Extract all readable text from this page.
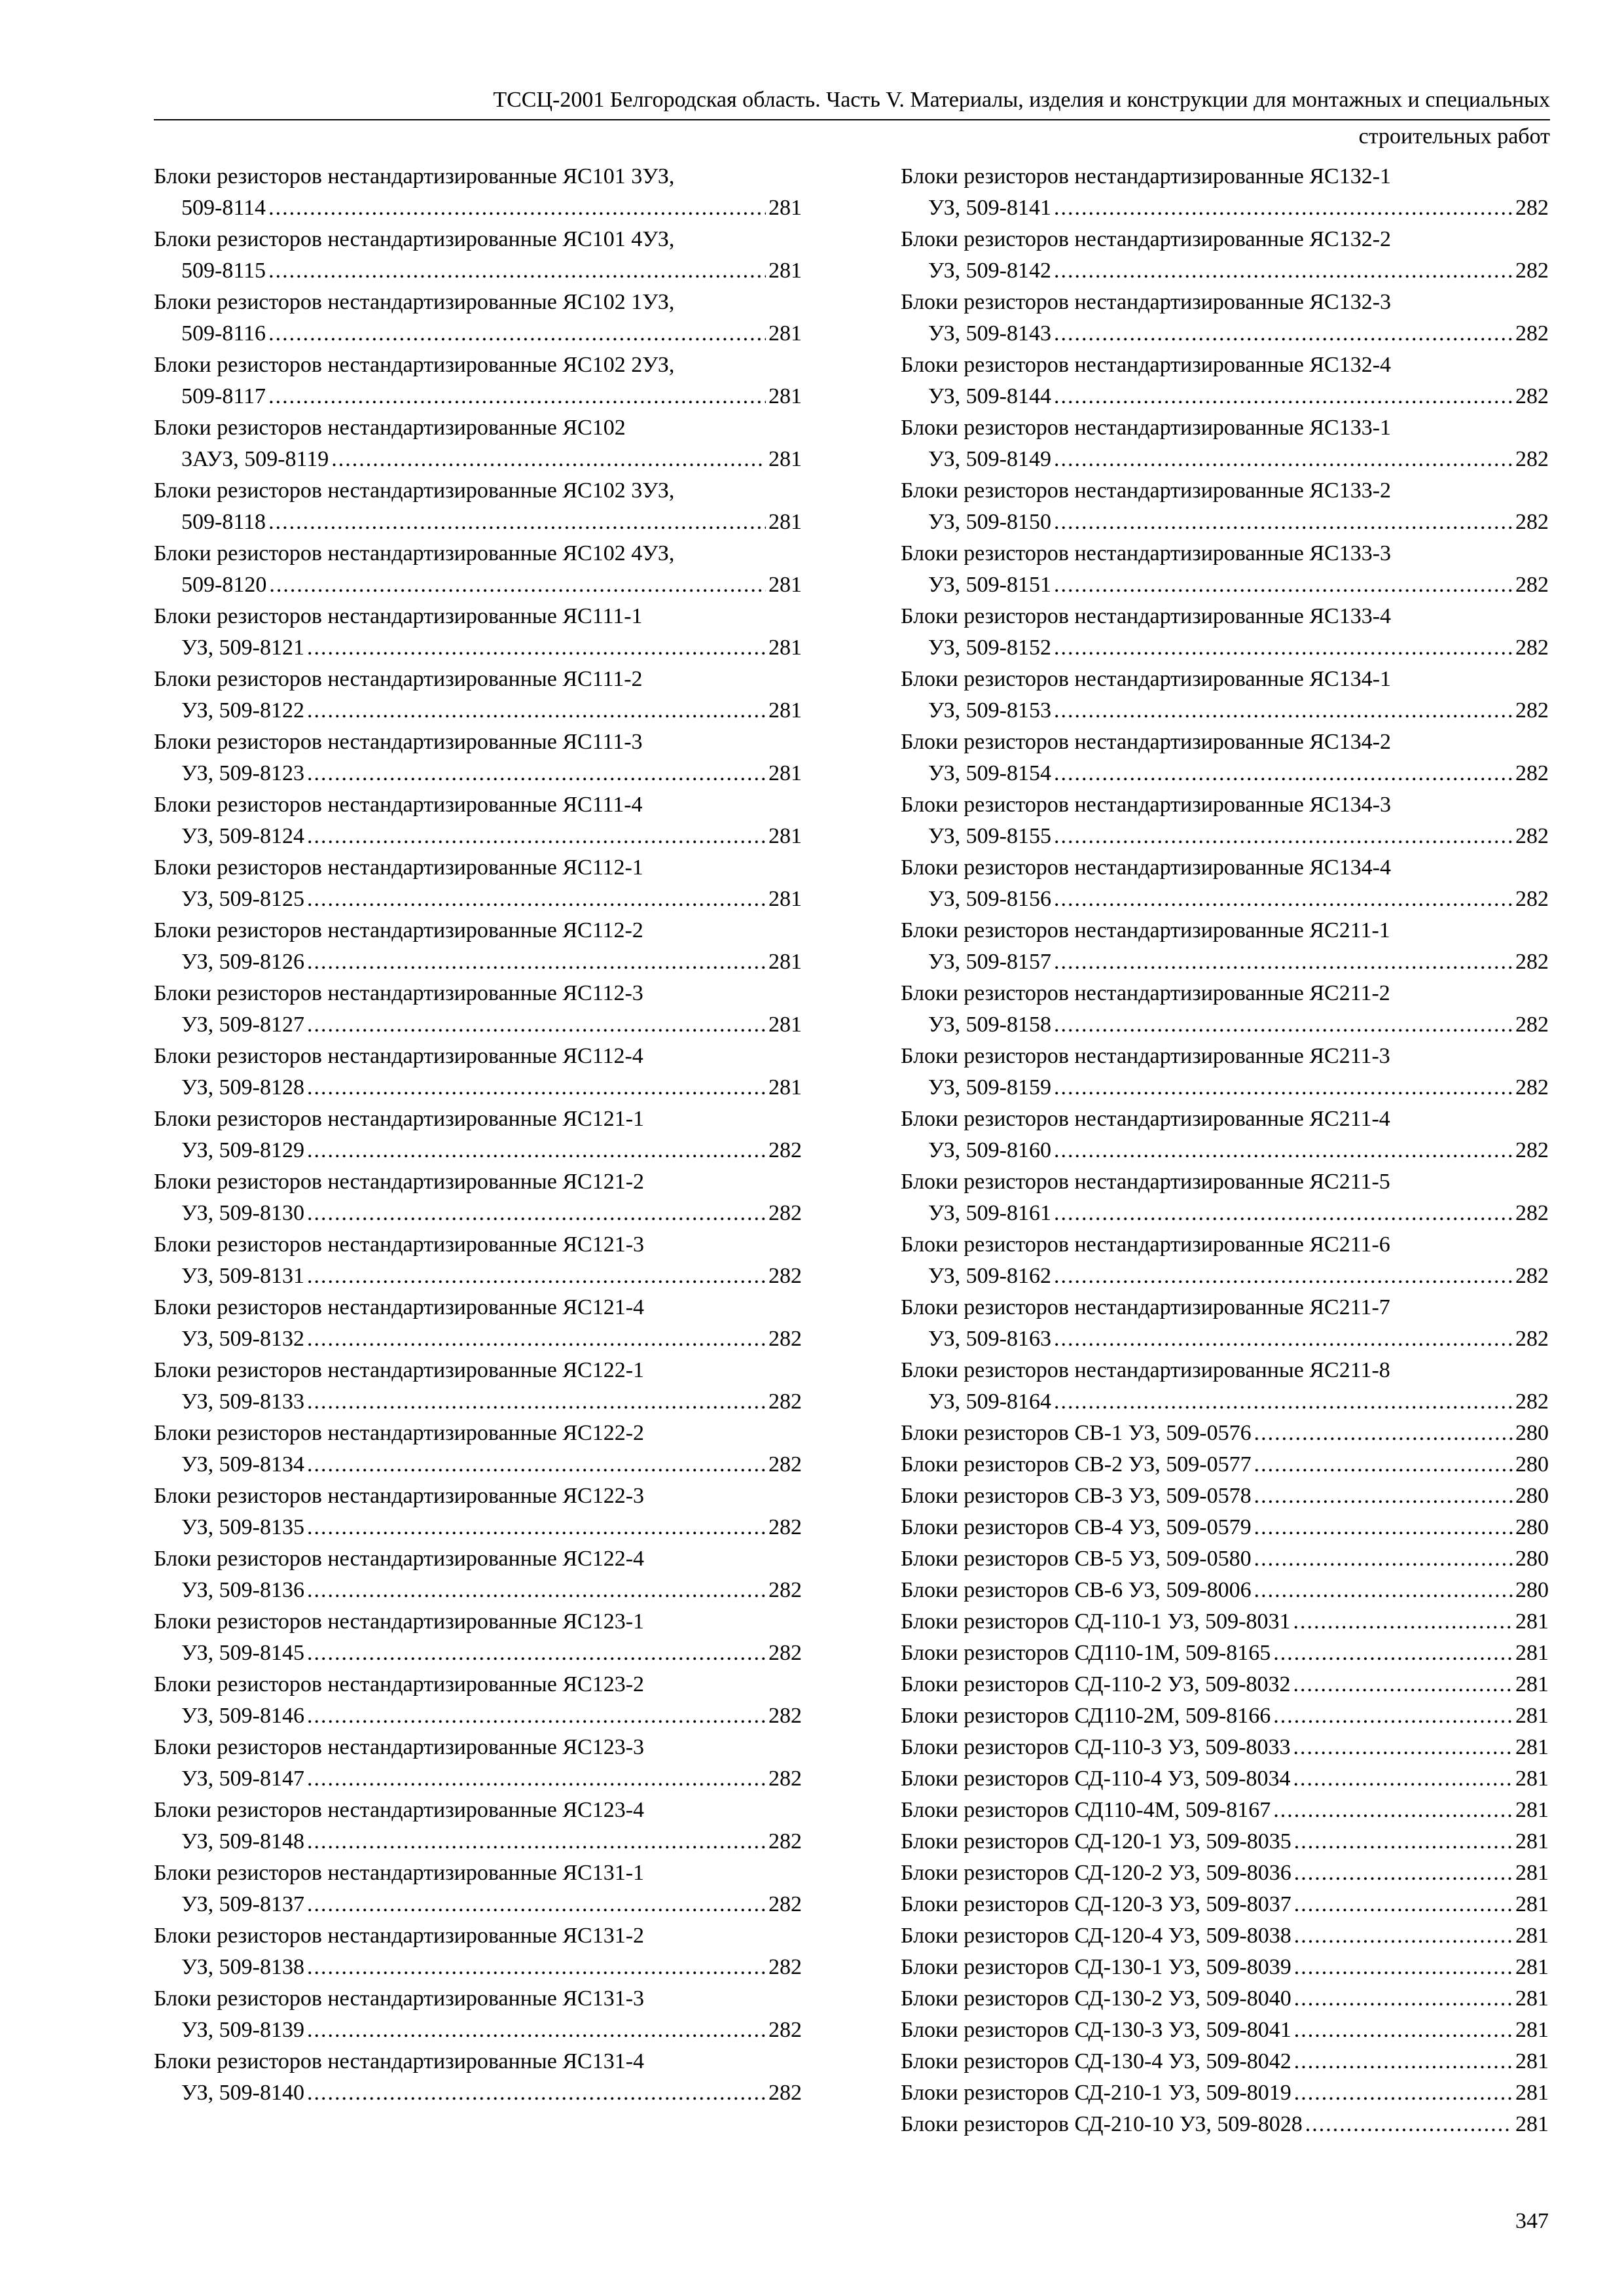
ТССЦ-2001 Белгородская область. Часть V. Материалы, изделия и конструкции для монтажных и специальных
строительных работ
Блоки резисторов нестандартизированные ЯС101 3УЗ,
509-8114 .....	281
Блоки резисторов нестандартизированные ЯС101 4УЗ,
509-8115 .....	281
Блоки резисторов нестандартизированные ЯС102 1УЗ,
509-8116 .....	281
Блоки резисторов нестандартизированные ЯС102 2УЗ,
509-8117 .....	281
Блоки резисторов нестандартизированные ЯС102
3АУЗ, 509-8119 .....	281
Блоки резисторов нестандартизированные ЯС102 3УЗ,
509-8118 .....	281
Блоки резисторов нестандартизированные ЯС102 4УЗ,
509-8120 .....	281
Блоки резисторов нестандартизированные ЯС111-1
УЗ, 509-8121 .....	281
Блоки резисторов нестандартизированные ЯС111-2
УЗ, 509-8122 .....	281
Блоки резисторов нестандартизированные ЯС111-3
УЗ, 509-8123 .....	281
Блоки резисторов нестандартизированные ЯС111-4
УЗ, 509-8124 .....	281
Блоки резисторов нестандартизированные ЯС112-1
УЗ, 509-8125 .....	281
Блоки резисторов нестандартизированные ЯС112-2
УЗ, 509-8126 .....	281
Блоки резисторов нестандартизированные ЯС112-3
УЗ, 509-8127 .....	281
Блоки резисторов нестандартизированные ЯС112-4
УЗ, 509-8128 .....	281
Блоки резисторов нестандартизированные ЯС121-1
УЗ, 509-8129 .....	282
Блоки резисторов нестандартизированные ЯС121-2
УЗ, 509-8130 .....	282
Блоки резисторов нестандартизированные ЯС121-3
УЗ, 509-8131 .....	282
Блоки резисторов нестандартизированные ЯС121-4
УЗ, 509-8132 .....	282
Блоки резисторов нестандартизированные ЯС122-1
УЗ, 509-8133 .....	282
Блоки резисторов нестандартизированные ЯС122-2
УЗ, 509-8134 .....	282
Блоки резисторов нестандартизированные ЯС122-3
УЗ, 509-8135 .....	282
Блоки резисторов нестандартизированные ЯС122-4
УЗ, 509-8136 .....	282
Блоки резисторов нестандартизированные ЯС123-1
УЗ, 509-8145 .....	282
Блоки резисторов нестандартизированные ЯС123-2
УЗ, 509-8146 .....	282
Блоки резисторов нестандартизированные ЯС123-3
УЗ, 509-8147 .....	282
Блоки резисторов нестандартизированные ЯС123-4
УЗ, 509-8148 .....	282
Блоки резисторов нестандартизированные ЯС131-1
УЗ, 509-8137 .....	282
Блоки резисторов нестандартизированные ЯС131-2
УЗ, 509-8138 .....	282
Блоки резисторов нестандартизированные ЯС131-3
УЗ, 509-8139 .....	282
Блоки резисторов нестандартизированные ЯС131-4
УЗ, 509-8140 .....	282
Блоки резисторов нестандартизированные ЯС132-1
УЗ, 509-8141 .....	282
Блоки резисторов нестандартизированные ЯС132-2
УЗ, 509-8142 .....	282
Блоки резисторов нестандартизированные ЯС132-3
УЗ, 509-8143 .....	282
Блоки резисторов нестандартизированные ЯС132-4
УЗ, 509-8144 .....	282
Блоки резисторов нестандартизированные ЯС133-1
УЗ, 509-8149 .....	282
Блоки резисторов нестандартизированные ЯС133-2
УЗ, 509-8150 .....	282
Блоки резисторов нестандартизированные ЯС133-3
УЗ, 509-8151 .....	282
Блоки резисторов нестандартизированные ЯС133-4
УЗ, 509-8152 .....	282
Блоки резисторов нестандартизированные ЯС134-1
УЗ, 509-8153 .....	282
Блоки резисторов нестандартизированные ЯС134-2
УЗ, 509-8154 .....	282
Блоки резисторов нестандартизированные ЯС134-3
УЗ, 509-8155 .....	282
Блоки резисторов нестандартизированные ЯС134-4
УЗ, 509-8156 .....	282
Блоки резисторов нестандартизированные ЯС211-1
УЗ, 509-8157 .....	282
Блоки резисторов нестандартизированные ЯС211-2
УЗ, 509-8158 .....	282
Блоки резисторов нестандартизированные ЯС211-3
УЗ, 509-8159 .....	282
Блоки резисторов нестандартизированные ЯС211-4
УЗ, 509-8160 .....	282
Блоки резисторов нестандартизированные ЯС211-5
УЗ, 509-8161 .....	282
Блоки резисторов нестандартизированные ЯС211-6
УЗ, 509-8162 .....	282
Блоки резисторов нестандартизированные ЯС211-7
УЗ, 509-8163 .....	282
Блоки резисторов нестандартизированные ЯС211-8
УЗ, 509-8164 .....	282
Блоки резисторов СВ-1 УЗ, 509-0576 .....	280
Блоки резисторов СВ-2 УЗ, 509-0577 .....	280
Блоки резисторов СВ-3 УЗ, 509-0578 .....	280
Блоки резисторов СВ-4 УЗ, 509-0579 .....	280
Блоки резисторов СВ-5 УЗ, 509-0580 .....	280
Блоки резисторов СВ-6 УЗ, 509-8006 .....	280
Блоки резисторов СД-110-1 УЗ, 509-8031 .....	281
Блоки резисторов СД110-1М, 509-8165 .....	281
Блоки резисторов СД-110-2 УЗ, 509-8032 .....	281
Блоки резисторов СД110-2М, 509-8166 .....	281
Блоки резисторов СД-110-3 УЗ, 509-8033 .....	281
Блоки резисторов СД-110-4 УЗ, 509-8034 .....	281
Блоки резисторов СД110-4М, 509-8167 .....	281
Блоки резисторов СД-120-1 УЗ, 509-8035 .....	281
Блоки резисторов СД-120-2 УЗ, 509-8036 .....	281
Блоки резисторов СД-120-3 УЗ, 509-8037 .....	281
Блоки резисторов СД-120-4 УЗ, 509-8038 .....	281
Блоки резисторов СД-130-1 УЗ, 509-8039 .....	281
Блоки резисторов СД-130-2 УЗ, 509-8040 .....	281
Блоки резисторов СД-130-3 УЗ, 509-8041 .....	281
Блоки резисторов СД-130-4 УЗ, 509-8042 .....	281
Блоки резисторов СД-210-1 УЗ, 509-8019 .....	281
Блоки резисторов СД-210-10 УЗ, 509-8028 .....	281
347
